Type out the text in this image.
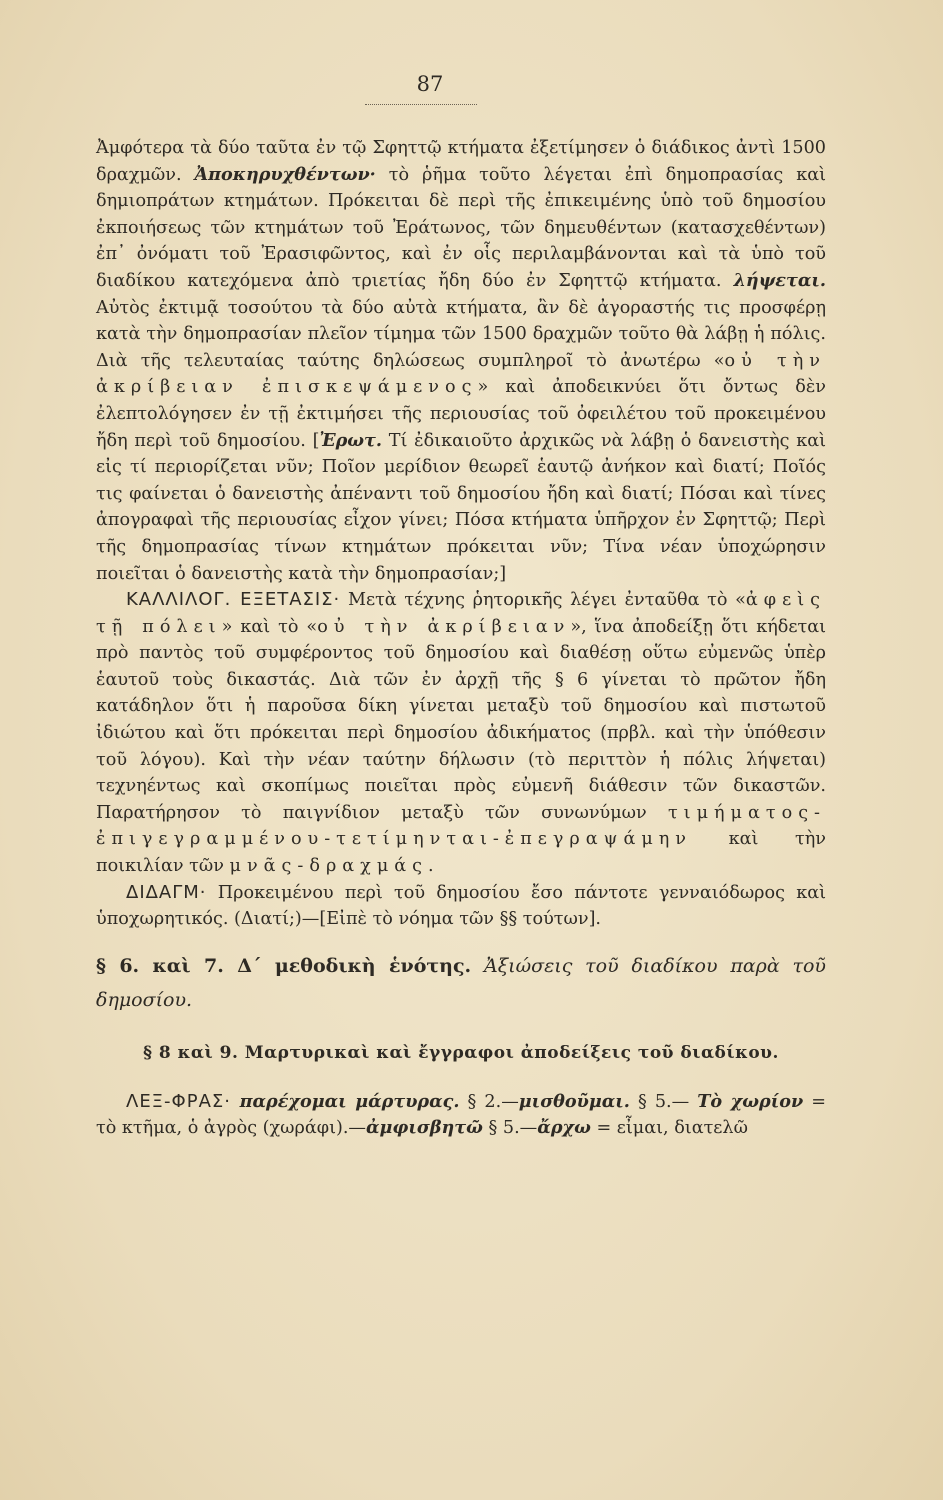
87

Ἀμφότερα τὰ δύο ταῦτα ἐν τῷ Σφηττῷ κτήματα ἐξετίμησεν ὁ διάδικος ἀντὶ 1500 δραχμῶν. Ἀποκηρυχθέντων· τὸ ῥῆμα τοῦτο λέγεται ἐπὶ δημοπρασίας καὶ δημιοπράτων κτημάτων. Πρόκειται δὲ περὶ τῆς ἐπικειμένης ὑπὸ τοῦ δημοσίου ἐκποιήσεως τῶν κτημάτων τοῦ Ἐράτωνος, τῶν δημευθέντων (κατασχεθέντων) ἐπ᾽ ὀνόματι τοῦ Ἐρασιφῶντος, καὶ ἐν οἷς περιλαμβάνονται καὶ τὰ ὑπὸ τοῦ διαδίκου κατεχόμενα ἀπὸ τριετίας ἤδη δύο ἐν Σφηττῷ κτήματα. λήψεται. Αὐτὸς ἐκτιμᾷ τοσούτου τὰ δύο αὐτὰ κτήματα, ἂν δὲ ἀγοραστής τις προσφέρῃ κατὰ τὴν δημοπρασίαν πλεῖον τίμημα τῶν 1500 δραχμῶν τοῦτο θὰ λάβῃ ἡ πόλις. Διὰ τῆς τελευταίας ταύτης δηλώσεως συμπληροῖ τὸ ἀνωτέρω «οὐ τὴν ἀκρίβειαν ἐπισκεψάμενος» καὶ ἀποδεικνύει ὅτι ὄντως δὲν ἐλεπτολόγησεν ἐν τῇ ἐκτιμήσει τῆς περιουσίας τοῦ ὀφειλέτου τοῦ προκειμένου ἤδη περὶ τοῦ δημοσίου. [Ἐρωτ. Τί ἐδικαιοῦτο ἀρχικῶς νὰ λάβῃ ὁ δανειστὴς καὶ εἰς τί περιορίζεται νῦν; Ποῖον μερίδιον θεωρεῖ ἑαυτῷ ἀνήκον καὶ διατί; Ποῖός τις φαίνεται ὁ δανειστὴς ἀπέναντι τοῦ δημοσίου ἤδη καὶ διατί; Πόσαι καὶ τίνες ἀπογραφαὶ τῆς περιουσίας εἶχον γίνει; Πόσα κτήματα ὑπῆρχον ἐν Σφηττῷ; Περὶ τῆς δημοπρασίας τίνων κτημάτων πρόκειται νῦν; Τίνα νέαν ὑποχώρησιν ποιεῖται ὁ δανειστὴς κατὰ τὴν δημοπρασίαν;]

ΚΑΛΛΙΛΟΓ. ΕΞΕΤΑΣΙΣ· Μετὰ τέχνης ῥητορικῆς λέγει ἐνταῦθα τὸ «ἀφεὶς τῇ πόλει» καὶ τὸ «οὐ τὴν ἀκρίβειαν», ἵνα ἀποδείξῃ ὅτι κήδεται πρὸ παντὸς τοῦ συμφέροντος τοῦ δημοσίου καὶ διαθέσῃ οὕτω εὐμενῶς ὑπὲρ ἑαυτοῦ τοὺς δικαστάς. Διὰ τῶν ἐν ἀρχῇ τῆς § 6 γίνεται τὸ πρῶτον ἤδη κατάδηλον ὅτι ἡ παροῦσα δίκη γίνεται μεταξὺ τοῦ δημοσίου καὶ πιστωτοῦ ἰδιώτου καὶ ὅτι πρόκειται περὶ δημοσίου ἀδικήματος (πρβλ. καὶ τὴν ὑπόθεσιν τοῦ λόγου). Καὶ τὴν νέαν ταύτην δήλωσιν (τὸ περιττὸν ἡ πόλις λήψεται) τεχνηέντως καὶ σκοπίμως ποιεῖται πρὸς εὐμενῆ διάθεσιν τῶν δικαστῶν. Παρατήρησον τὸ παιγνίδιον μεταξὺ τῶν συνωνύμων τιμήματος-ἐπιγεγραμμένου-τετίμηνται-ἐπεγραψάμην καὶ τὴν ποικιλίαν τῶν μνᾶς-δραχμάς.

ΔΙΔΑΓΜ· Προκειμένου περὶ τοῦ δημοσίου ἔσο πάντοτε γενναιόδωρος καὶ ὑποχωρητικός. (Διατί;)—[Εἰπὲ τὸ νόημα τῶν §§ τούτων].

§ 6. καὶ 7. Δ΄ μεθοδικὴ ἑνότης. Ἀξιώσεις τοῦ διαδίκου παρὰ τοῦ δημοσίου.

§ 8 καὶ 9. Μαρτυρικαὶ καὶ ἔγγραφοι ἀποδείξεις τοῦ διαδίκου.

ΛΕΞ-ΦΡΑΣ· παρέχομαι μάρτυρας. § 2.—μισθοῦμαι. § 5.— Τὸ χωρίον = τὸ κτῆμα, ὁ ἀγρὸς (χωράφι).—ἀμφισβητῶ § 5.—ἄρχω = εἶμαι, διατελῶ
